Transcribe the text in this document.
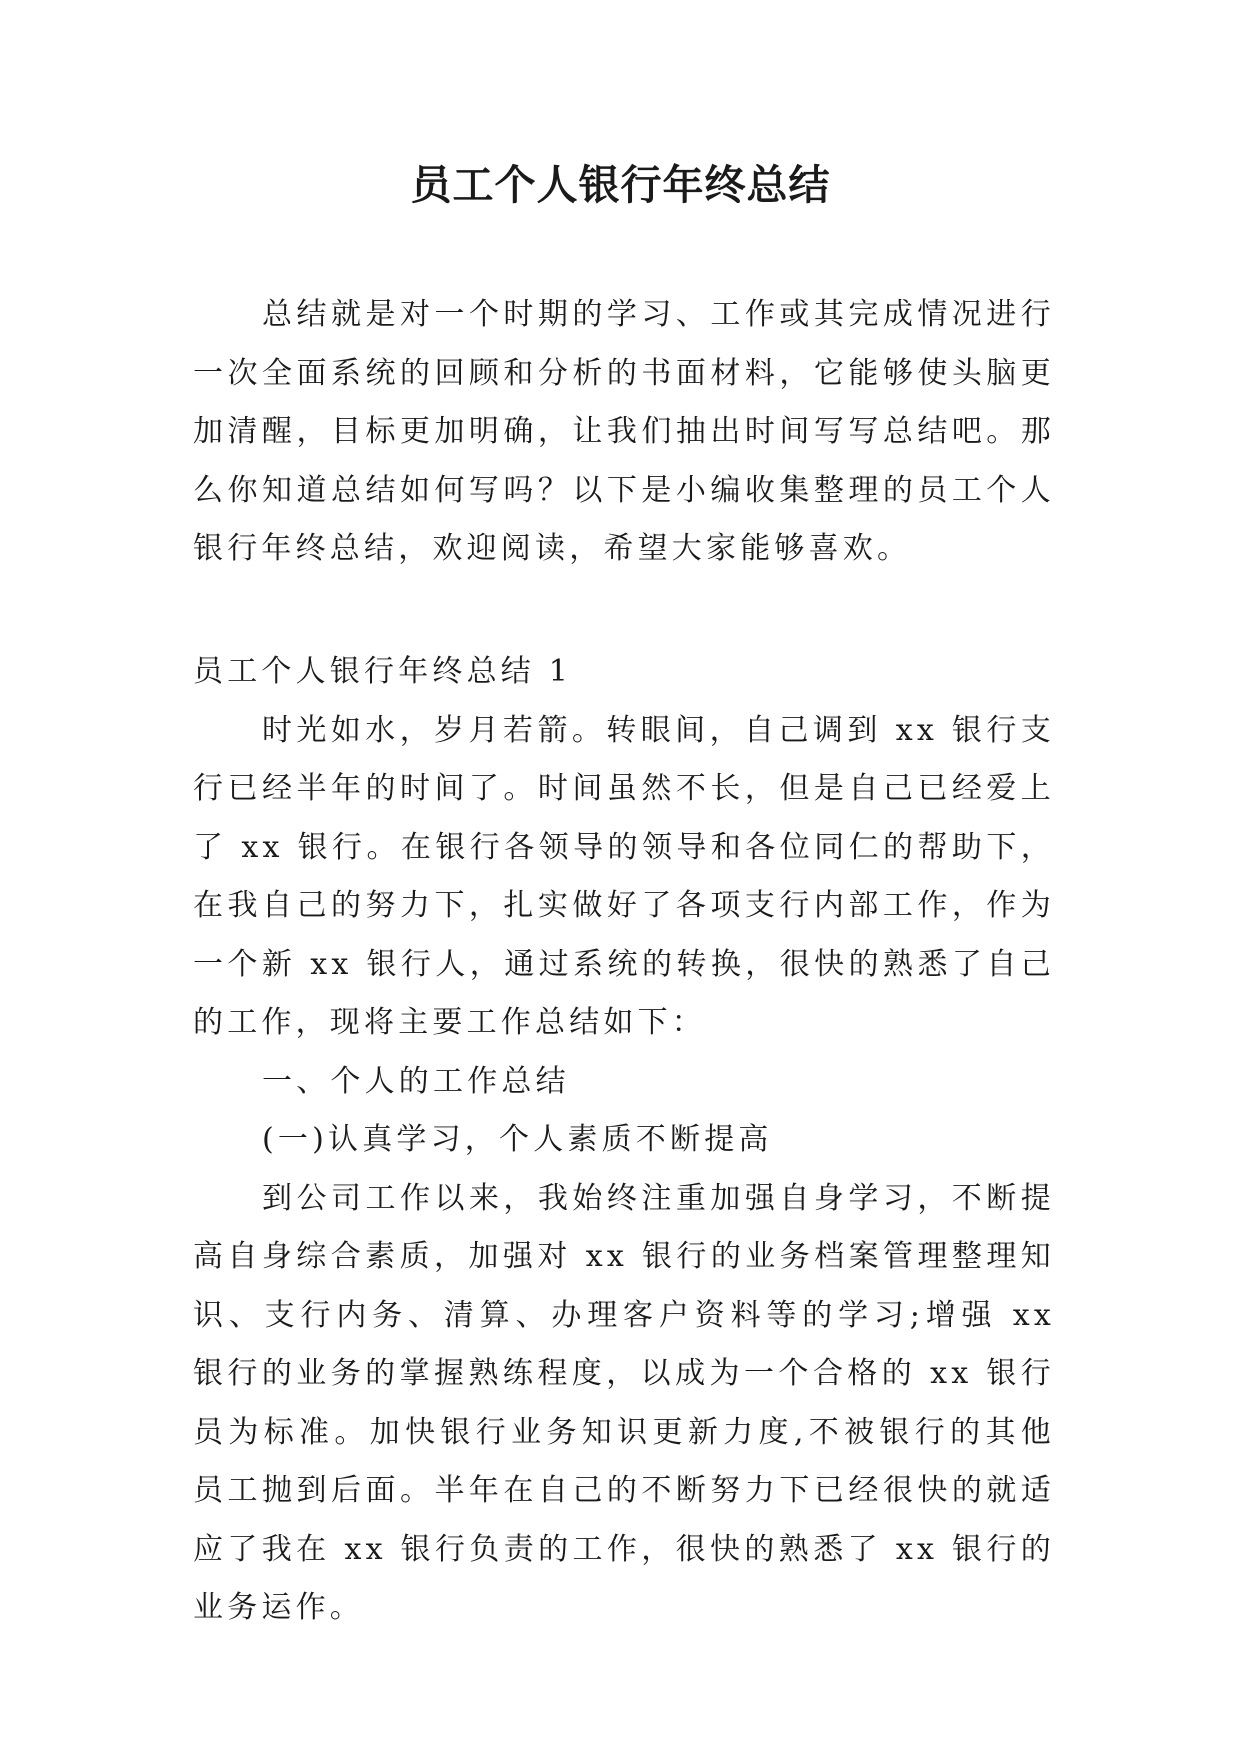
员工个人银行年终总结

总结就是对一个时期的学习、工作或其完成情况进行一次全面系统的回顾和分析的书面材料，它能够使头脑更加清醒，目标更加明确，让我们抽出时间写写总结吧。那么你知道总结如何写吗？以下是小编收集整理的员工个人银行年终总结，欢迎阅读，希望大家能够喜欢。

员工个人银行年终总结 1

时光如水，岁月若箭。转眼间，自己调到 xx 银行支行已经半年的时间了。时间虽然不长，但是自己已经爱上了 xx 银行。在银行各领导的领导和各位同仁的帮助下，在我自己的努力下，扎实做好了各项支行内部工作，作为一个新 xx 银行人，通过系统的转换，很快的熟悉了自己的工作，现将主要工作总结如下：

一、个人的工作总结

(一)认真学习，个人素质不断提高

到公司工作以来，我始终注重加强自身学习，不断提高自身综合素质，加强对 xx 银行的业务档案管理整理知识、支行内务、清算、办理客户资料等的学习;增强 xx 银行的业务的掌握熟练程度，以成为一个合格的 xx 银行员为标准。加快银行业务知识更新力度,不被银行的其他员工抛到后面。半年在自己的不断努力下已经很快的就适应了我在 xx 银行负责的工作，很快的熟悉了 xx 银行的业务运作。
